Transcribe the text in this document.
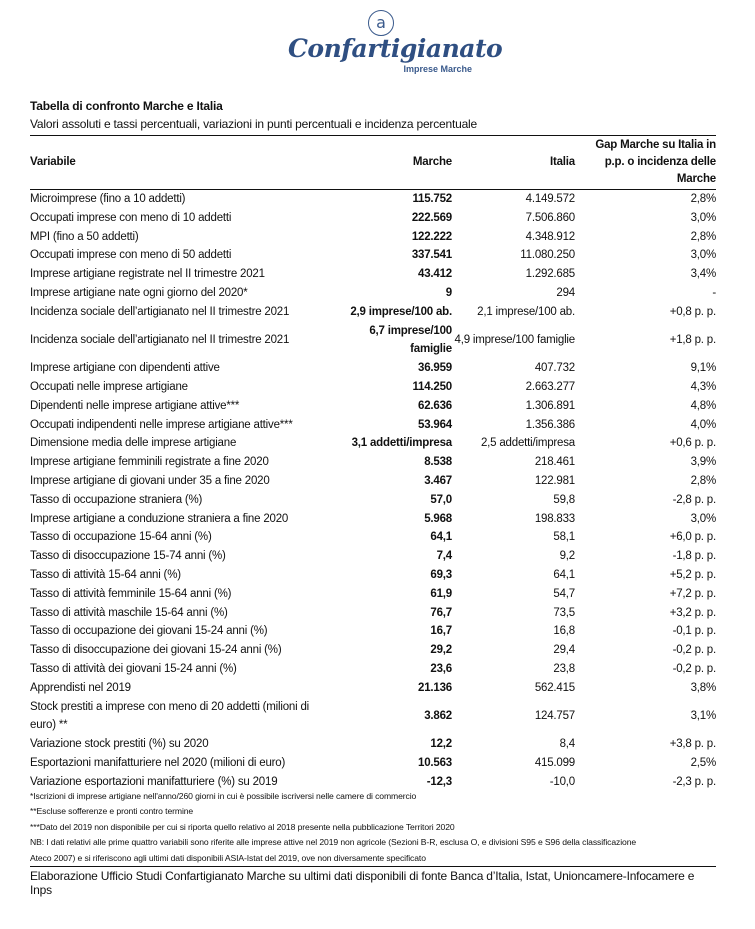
a
Confartigianato
Imprese Marche
Tabella di confronto Marche e Italia
Valori assoluti e tassi percentuali, variazioni in punti percentuali e incidenza percentuale
Variabile	Marche	Italia	Gap Marche su Italia in p.p. o incidenza delle Marche
Microimprese (fino a 10 addetti)	115.752	4.149.572	2,8%
Occupati imprese con meno di 10 addetti	222.569	7.506.860	3,0%
MPI (fino a 50 addetti)	122.222	4.348.912	2,8%
Occupati imprese con meno di 50 addetti	337.541	11.080.250	3,0%
Imprese artigiane registrate nel II trimestre 2021	43.412	1.292.685	3,4%
Imprese artigiane nate ogni giorno del 2020*	9	294	-
Incidenza sociale dell’artigianato nel II trimestre 2021	2,9 imprese/100 ab.	2,1 imprese/100 ab.	+0,8 p. p.
Incidenza sociale dell’artigianato nel II trimestre 2021	6,7 imprese/100 famiglie	4,9 imprese/100 famiglie	+1,8 p. p.
Imprese artigiane con dipendenti attive	36.959	407.732	9,1%
Occupati nelle imprese artigiane	114.250	2.663.277	4,3%
Dipendenti nelle imprese artigiane attive***	62.636	1.306.891	4,8%
Occupati indipendenti nelle imprese artigiane attive***	53.964	1.356.386	4,0%
Dimensione media delle imprese artigiane	3,1 addetti/impresa	2,5 addetti/impresa	+0,6 p. p.
Imprese artigiane femminili registrate a fine 2020	8.538	218.461	3,9%
Imprese artigiane di giovani under 35 a fine 2020	3.467	122.981	2,8%
Tasso di occupazione straniera (%)	57,0	59,8	-2,8 p. p.
Imprese artigiane a conduzione straniera a fine 2020	5.968	198.833	3,0%
Tasso di occupazione 15-64 anni (%)	64,1	58,1	+6,0 p. p.
Tasso di disoccupazione 15-74 anni (%)	7,4	9,2	-1,8 p. p.
Tasso di attività 15-64 anni (%)	69,3	64,1	+5,2 p. p.
Tasso di attività femminile 15-64 anni (%)	61,9	54,7	+7,2 p. p.
Tasso di attività maschile 15-64 anni (%)	76,7	73,5	+3,2 p. p.
Tasso di occupazione dei giovani 15-24 anni (%)	16,7	16,8	-0,1 p. p.
Tasso di disoccupazione dei giovani 15-24 anni (%)	29,2	29,4	-0,2 p. p.
Tasso di attività dei giovani 15-24 anni (%)	23,6	23,8	-0,2 p. p.
Apprendisti nel 2019	21.136	562.415	3,8%
Stock prestiti a imprese con meno di 20 addetti (milioni di euro) **	3.862	124.757	3,1%
Variazione stock prestiti (%) su 2020	12,2	8,4	+3,8 p. p.
Esportazioni manifatturiere nel 2020 (milioni di euro)	10.563	415.099	2,5%
Variazione esportazioni manifatturiere (%) su 2019	-12,3	-10,0	-2,3 p. p.
*Iscrizioni di imprese artigiane nell'anno/260 giorni in cui è possibile iscriversi nelle camere di commercio
**Escluse sofferenze e pronti contro termine
***Dato del 2019 non disponibile per cui si riporta quello relativo al 2018 presente nella pubblicazione Territori 2020
NB: I dati relativi alle prime quattro variabili sono riferite alle imprese attive nel 2019 non agricole (Sezioni B-R, esclusa O, e divisioni S95 e S96 della classificazione
Ateco 2007) e si riferiscono agli ultimi dati disponibili ASIA-Istat del 2019, ove non diversamente specificato
Elaborazione Ufficio Studi Confartigianato Marche su ultimi dati disponibili di fonte Banca d’Italia, Istat, Unioncamere-Infocamere e Inps
